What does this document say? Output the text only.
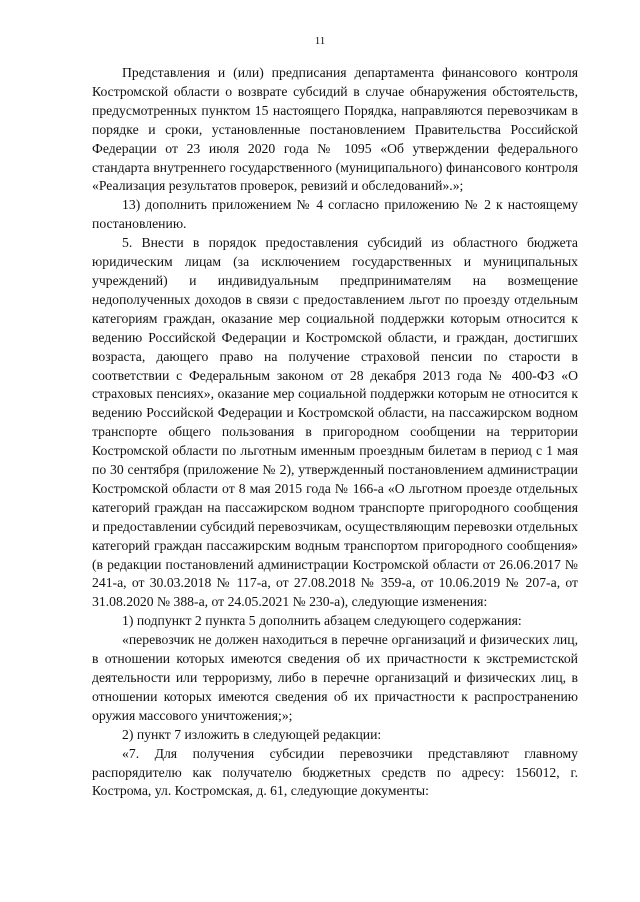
11

Представления и (или) предписания департамента финансового контроля Костромской области о возврате субсидий в случае обнаружения обстоятельств, предусмотренных пунктом 15 настоящего Порядка, направляются перевозчикам в порядке и сроки, установленные постановлением Правительства Российской Федерации от 23 июля 2020 года № 1095 «Об утверждении федерального стандарта внутреннего государственного (муниципального) финансового контроля «Реализация результатов проверок, ревизий и обследований».»;

13) дополнить приложением № 4 согласно приложению № 2 к настоящему постановлению.

5. Внести в порядок предоставления субсидий из областного бюджета юридическим лицам (за исключением государственных и муниципальных учреждений) и индивидуальным предпринимателям на возмещение недополученных доходов в связи с предоставлением льгот по проезду отдельным категориям граждан, оказание мер социальной поддержки которым относится к ведению Российской Федерации и Костромской области, и граждан, достигших возраста, дающего право на получение страховой пенсии по старости в соответствии с Федеральным законом от 28 декабря 2013 года № 400-ФЗ «О страховых пенсиях», оказание мер социальной поддержки которым не относится к ведению Российской Федерации и Костромской области, на пассажирском водном транспорте общего пользования в пригородном сообщении на территории Костромской области по льготным именным проездным билетам в период с 1 мая по 30 сентября (приложение № 2), утвержденный постановлением администрации Костромской области от 8 мая 2015 года № 166-а «О льготном проезде отдельных категорий граждан на пассажирском водном транспорте пригородного сообщения и предоставлении субсидий перевозчикам, осуществляющим перевозки отдельных категорий граждан пассажирским водным транспортом пригородного сообщения» (в редакции постановлений администрации Костромской области от 26.06.2017 № 241-а, от 30.03.2018 № 117-а, от 27.08.2018 № 359-а, от 10.06.2019 № 207-а, от 31.08.2020 № 388-а, от 24.05.2021 № 230-а), следующие изменения:

1) подпункт 2 пункта 5 дополнить абзацем следующего содержания:

«перевозчик не должен находиться в перечне организаций и физических лиц, в отношении которых имеются сведения об их причастности к экстремистской деятельности или терроризму, либо в перечне организаций и физических лиц, в отношении которых имеются сведения об их причастности к распространению оружия массового уничтожения;»;

2) пункт 7 изложить в следующей редакции:

«7. Для получения субсидии перевозчики представляют главному распорядителю как получателю бюджетных средств по адресу: 156012, г. Кострома, ул. Костромская, д. 61, следующие документы:
